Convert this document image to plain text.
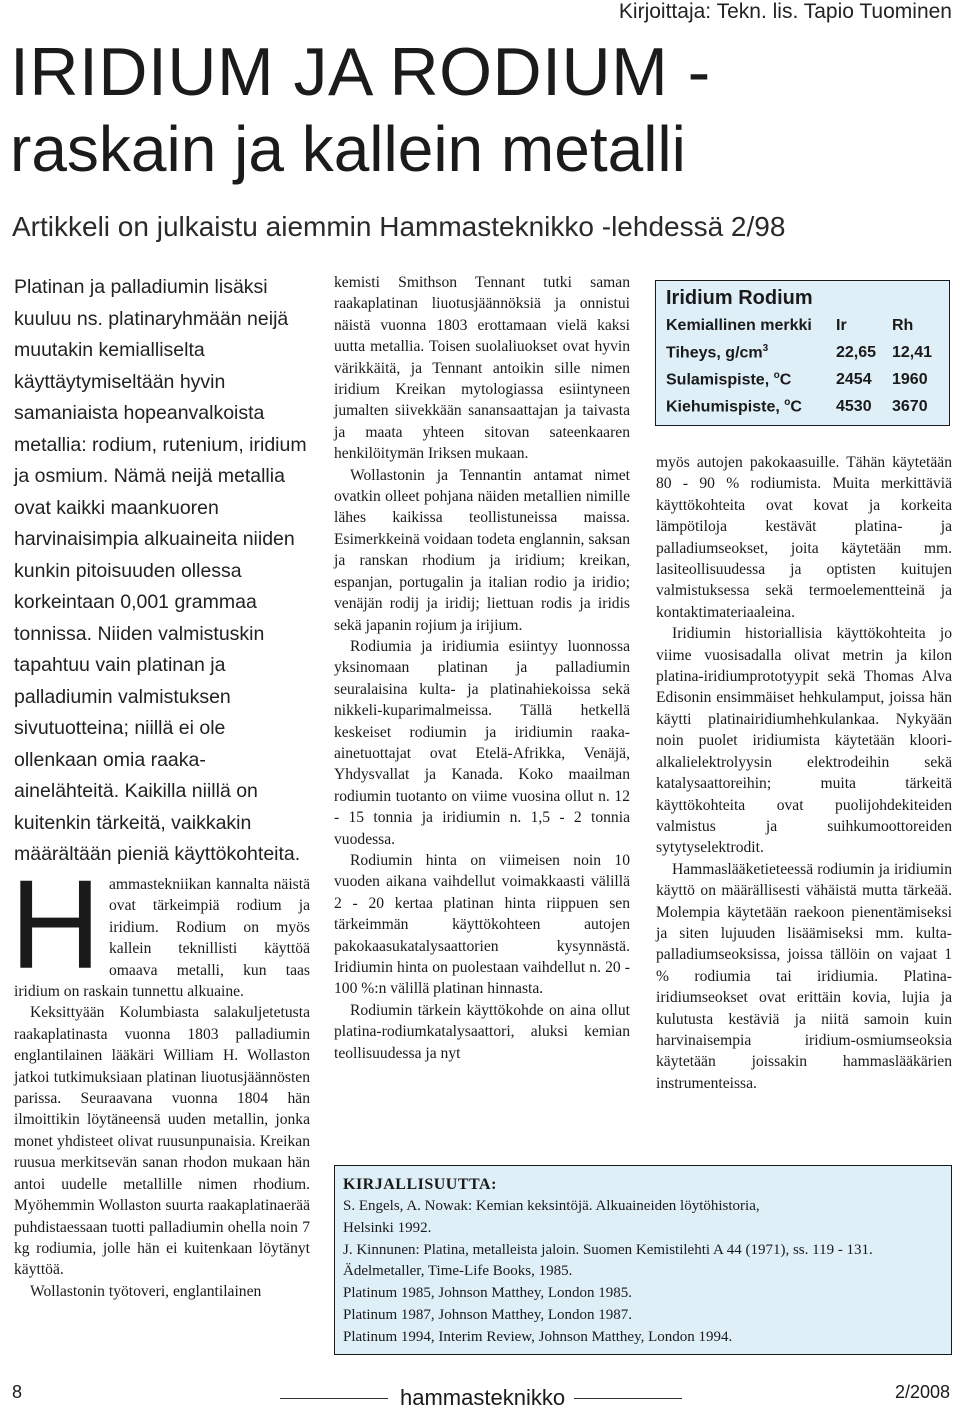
Kirjoittaja: Tekn. lis. Tapio Tuominen
IRIDIUM JA RODIUM -
raskain ja kallein metalli
Artikkeli on julkaistu aiemmin Hammasteknikko -lehdessä 2/98

Platinan ja palladiumin lisäksi kuuluu ns. platinaryhmään neijä muutakin kemialliselta käyttäytymiseltään hyvin samaniaista hopeanvalkoista metallia: rodium, rutenium, iridium ja osmium. Nämä neijä metallia ovat kaikki maankuoren harvinaisimpia alkuaineita niiden kunkin pitoisuuden ollessa korkeintaan 0,001 grammaa tonnissa. Niiden valmistuskin tapahtuu vain platinan ja palladiumin valmistuksen sivutuotteina; niillä ei ole ollenkaan omia raaka-ainelähteitä. Kaikilla niillä on kuitenkin tärkeitä, vaikkakin määrältään pieniä käyttökohteita.

H ammastekniikan kannalta näistä ovat tärkeimpiä rodium ja iridium. Rodium on myös kallein teknillisti käyttöä omaava metalli, kun taas iridium on raskain tunnettu alkuaine.

Keksittyään Kolumbiasta salakuljetetusta raakaplatinasta vuonna 1803 palladiumin englantilainen lääkäri William H. Wollaston jatkoi tutkimuksiaan platinan liuotusjäännösten parissa. Seuraavana vuonna 1804 hän ilmoittikin löytäneensä uuden metallin, jonka monet yhdisteet olivat ruusunpunaisia. Kreikan ruusua merkitsevän sanan rhodon mukaan hän antoi uudelle metallille nimen rhodium. Myöhemmin Wollaston suurta raakaplatinaerää puhdistaessaan tuotti palladiumin ohella noin 7 kg rodiumia, jolle hän ei kuitenkaan löytänyt käyttöä.

Wollastonin työtoveri, englantilainen

kemisti Smithson Tennant tutki saman raakaplatinan liuotusjäännöksiä ja onnistui näistä vuonna 1803 erottamaan vielä kaksi uutta metallia. Toisen suolaliuokset ovat hyvin värikkäitä, ja Tennant antoikin sille nimen iridium Kreikan mytologiassa esiintyneen jumalten siivekkään sanansaattajan ja taivasta ja maata yhteen sitovan sateenkaaren henkilöitymän Iriksen mukaan.

Wollastonin ja Tennantin antamat nimet ovatkin olleet pohjana näiden metallien nimille lähes kaikissa teollistuneissa maissa. Esimerkkeinä voidaan todeta englannin, saksan ja ranskan rhodium ja iridium; kreikan, espanjan, portugalin ja italian rodio ja iridio; venäjän rodij ja iridij; liettuan rodis ja iridis sekä japanin rojium ja irijium.

Rodiumia ja iridiumia esiintyy luonnossa yksinomaan platinan ja palladiumin seuralaisina kulta- ja platinahiekoissa sekä nikkeli-kuparimalmeissa. Tällä hetkellä keskeiset rodiumin ja iridiumin raaka-ainetuottajat ovat Etelä-Afrikka, Venäjä, Yhdysvallat ja Kanada. Koko maailman rodiumin tuotanto on viime vuosina ollut n. 12 - 15 tonnia ja iridiumin n. 1,5 - 2 tonnia vuodessa.

Rodiumin hinta on viimeisen noin 10 vuoden aikana vaihdellut voimakkaasti välillä 2 - 20 kertaa platinan hinta riippuen sen tärkeimmän käyttökohteen autojen pakokaasukatalysaattorien kysynnästä. Iridiumin hinta on puolestaan vaihdellut n. 20 - 100 %:n välillä platinan hinnasta.

Rodiumin tärkein käyttökohde on aina ollut platina-rodiumkatalysaattori, aluksi kemian teollisuudessa ja nyt

Iridium Rodium
Kemiallinen merkki	Ir	Rh
Tiheys, $g/cm^3$	22,65	12,41
Sulamispiste, $^o$C	2454	1960
Kiehumispiste, $^o$C	4530	3670

myös autojen pakokaasuille. Tähän käytetään 80 - 90 % rodiumista. Muita merkittäviä käyttökohteita ovat kovat ja korkeita lämpötiloja kestävät platina- ja palladiumseokset, joita käytetään mm. lasiteollisuudessa ja optisten kuitujen valmistuksessa sekä termoelementteinä ja kontaktimateriaaleina.

Iridiumin historiallisia käyttökohteita jo viime vuosisadalla olivat metrin ja kilon platina-iridiumprototyypit sekä Thomas Alva Edisonin ensimmäiset hehkulamput, joissa hän käytti platinairidiumhehkulankaa. Nykyään noin puolet iridiumista käytetään kloori-alkalielektrolyysin elektrodeihin sekä katalysaattoreihin; muita tärkeitä käyttökohteita ovat puolijohdekiteiden valmistus ja suihkumoottoreiden sytytyselektrodit.

Hammaslääketieteessä rodiumin ja iridiumin käyttö on määrällisesti vähäistä mutta tärkeää. Molempia käytetään raekoon pienentämiseksi ja siten lujuuden lisäämiseksi mm. kulta-palladiumseoksissa, joissa tällöin on vajaat 1 % rodiumia tai iridiumia. Platina-iridiumseokset ovat erittäin kovia, lujia ja kulutusta kestäviä ja niitä samoin kuin harvinaisempia iridium-osmiumseoksia käytetään joissakin hammaslääkärien instrumenteissa.

KIRJALLISUUTTA:
S. Engels, A. Nowak: Kemian keksintöjä. Alkuaineiden löytöhistoria,
Helsinki 1992.
J. Kinnunen: Platina, metalleista jaloin. Suomen Kemistilehti A 44 (1971), ss. 119 - 131.
Ädelmetaller, Time-Life Books, 1985.
Platinum 1985, Johnson Matthey, London 1985.
Platinum 1987, Johnson Matthey, London 1987.
Platinum 1994, Interim Review, Johnson Matthey, London 1994.
8	hammasteknikko	2/2008
